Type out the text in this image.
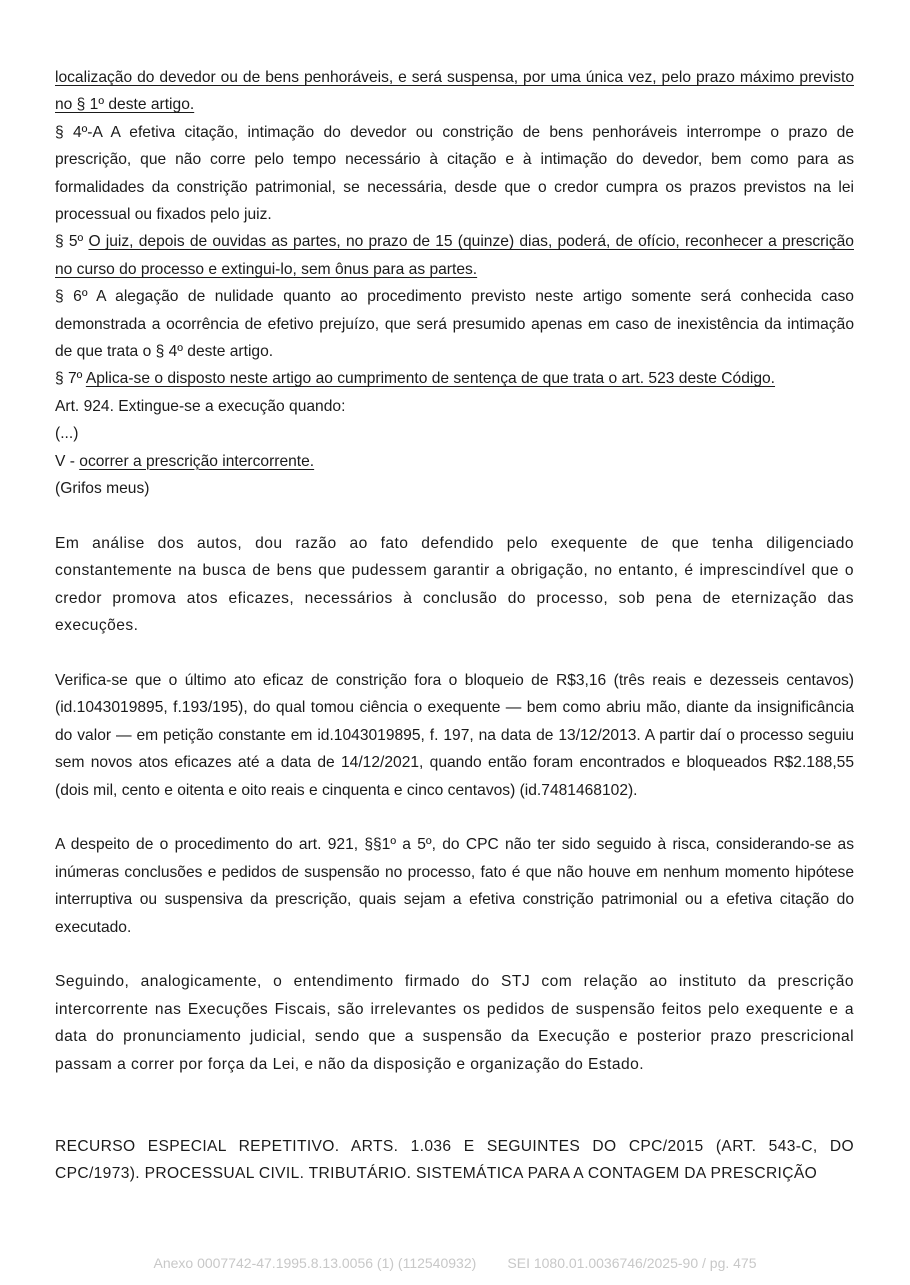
localização do devedor ou de bens penhoráveis, e será suspensa, por uma única vez, pelo prazo máximo previsto no § 1º deste artigo.
§ 4º-A A efetiva citação, intimação do devedor ou constrição de bens penhoráveis interrompe o prazo de prescrição, que não corre pelo tempo necessário à citação e à intimação do devedor, bem como para as formalidades da constrição patrimonial, se necessária, desde que o credor cumpra os prazos previstos na lei processual ou fixados pelo juiz.
§ 5º O juiz, depois de ouvidas as partes, no prazo de 15 (quinze) dias, poderá, de ofício, reconhecer a prescrição no curso do processo e extingui-lo, sem ônus para as partes.
§ 6º A alegação de nulidade quanto ao procedimento previsto neste artigo somente será conhecida caso demonstrada a ocorrência de efetivo prejuízo, que será presumido apenas em caso de inexistência da intimação de que trata o § 4º deste artigo.
§ 7º Aplica-se o disposto neste artigo ao cumprimento de sentença de que trata o art. 523 deste Código.
Art. 924. Extingue-se a execução quando:
(...)
V - ocorrer a prescrição intercorrente.
(Grifos meus)
Em análise dos autos, dou razão ao fato defendido pelo exequente de que tenha diligenciado constantemente na busca de bens que pudessem garantir a obrigação, no entanto, é imprescindível que o credor promova atos eficazes, necessários à conclusão do processo, sob pena de eternização das execuções.
Verifica-se que o último ato eficaz de constrição fora o bloqueio de R$3,16 (três reais e dezesseis centavos) (id.1043019895, f.193/195), do qual tomou ciência o exequente — bem como abriu mão, diante da insignificância do valor — em petição constante em id.1043019895, f. 197, na data de 13/12/2013. A partir daí o processo seguiu sem novos atos eficazes até a data de 14/12/2021, quando então foram encontrados e bloqueados R$2.188,55 (dois mil, cento e oitenta e oito reais e cinquenta e cinco centavos) (id.7481468102).
A despeito de o procedimento do art. 921, §§1º a 5º, do CPC não ter sido seguido à risca, considerando-se as inúmeras conclusões e pedidos de suspensão no processo, fato é que não houve em nenhum momento hipótese interruptiva ou suspensiva da prescrição, quais sejam a efetiva constrição patrimonial ou a efetiva citação do executado.
Seguindo, analogicamente, o entendimento firmado do STJ com relação ao instituto da prescrição intercorrente nas Execuções Fiscais, são irrelevantes os pedidos de suspensão feitos pelo exequente e a data do pronunciamento judicial, sendo que a suspensão da Execução e posterior prazo prescricional passam a correr por força da Lei, e não da disposição e organização do Estado.
RECURSO ESPECIAL REPETITIVO. ARTS. 1.036 E SEGUINTES DO CPC/2015 (ART. 543-C, DO CPC/1973). PROCESSUAL CIVIL. TRIBUTÁRIO. SISTEMÁTICA PARA A CONTAGEM DA PRESCRIÇÃO
Anexo 0007742-47.1995.8.13.0056 (1) (112540932) SEI 1080.01.0036746/2025-90 / pg. 475
